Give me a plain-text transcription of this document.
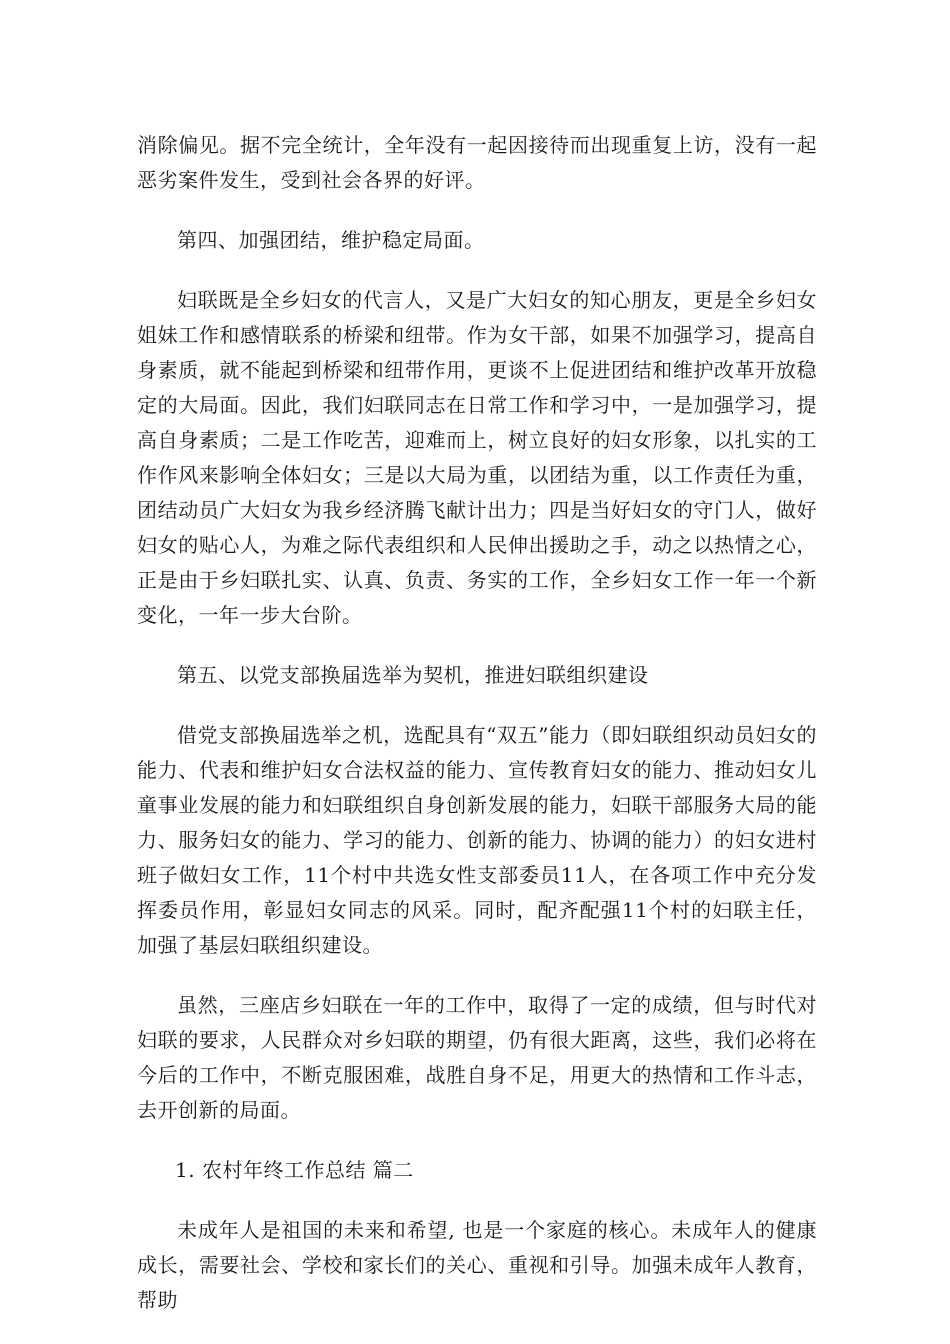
消除偏见。据不完全统计，全年没有一起因接待而出现重复上访，没有一起恶劣案件发生，受到社会各界的好评。

第四、加强团结，维护稳定局面。

妇联既是全乡妇女的代言人，又是广大妇女的知心朋友，更是全乡妇女姐妹工作和感情联系的桥梁和纽带。作为女干部，如果不加强学习，提高自身素质，就不能起到桥梁和纽带作用，更谈不上促进团结和维护改革开放稳定的大局面。因此，我们妇联同志在日常工作和学习中，一是加强学习，提高自身素质；二是工作吃苦，迎难而上，树立良好的妇女形象，以扎实的工作作风来影响全体妇女；三是以大局为重，以团结为重，以工作责任为重，团结动员广大妇女为我乡经济腾飞献计出力；四是当好妇女的守门人，做好妇女的贴心人，为难之际代表组织和人民伸出援助之手，动之以热情之心，正是由于乡妇联扎实、认真、负责、务实的工作，全乡妇女工作一年一个新变化，一年一步大台阶。

第五、以党支部换届选举为契机，推进妇联组织建设

借党支部换届选举之机，选配具有“双五”能力（即妇联组织动员妇女的能力、代表和维护妇女合法权益的能力、宣传教育妇女的能力、推动妇女儿童事业发展的能力和妇联组织自身创新发展的能力，妇联干部服务大局的能力、服务妇女的能力、学习的能力、创新的能力、协调的能力）的妇女进村班子做妇女工作，11个村中共选女性支部委员11人，在各项工作中充分发挥委员作用，彰显妇女同志的风采。同时，配齐配强11个村的妇联主任，加强了基层妇联组织建设。

虽然，三座店乡妇联在一年的工作中，取得了一定的成绩，但与时代对妇联的要求，人民群众对乡妇联的期望，仍有很大距离，这些，我们必将在今后的工作中，不断克服困难，战胜自身不足，用更大的热情和工作斗志，去开创新的局面。

1. 农村年终工作总结 篇二

未成年人是祖国的未来和希望, 也是一个家庭的核心。未成年人的健康成长，需要社会、学校和家长们的关心、重视和引导。加强未成年人教育，帮助
